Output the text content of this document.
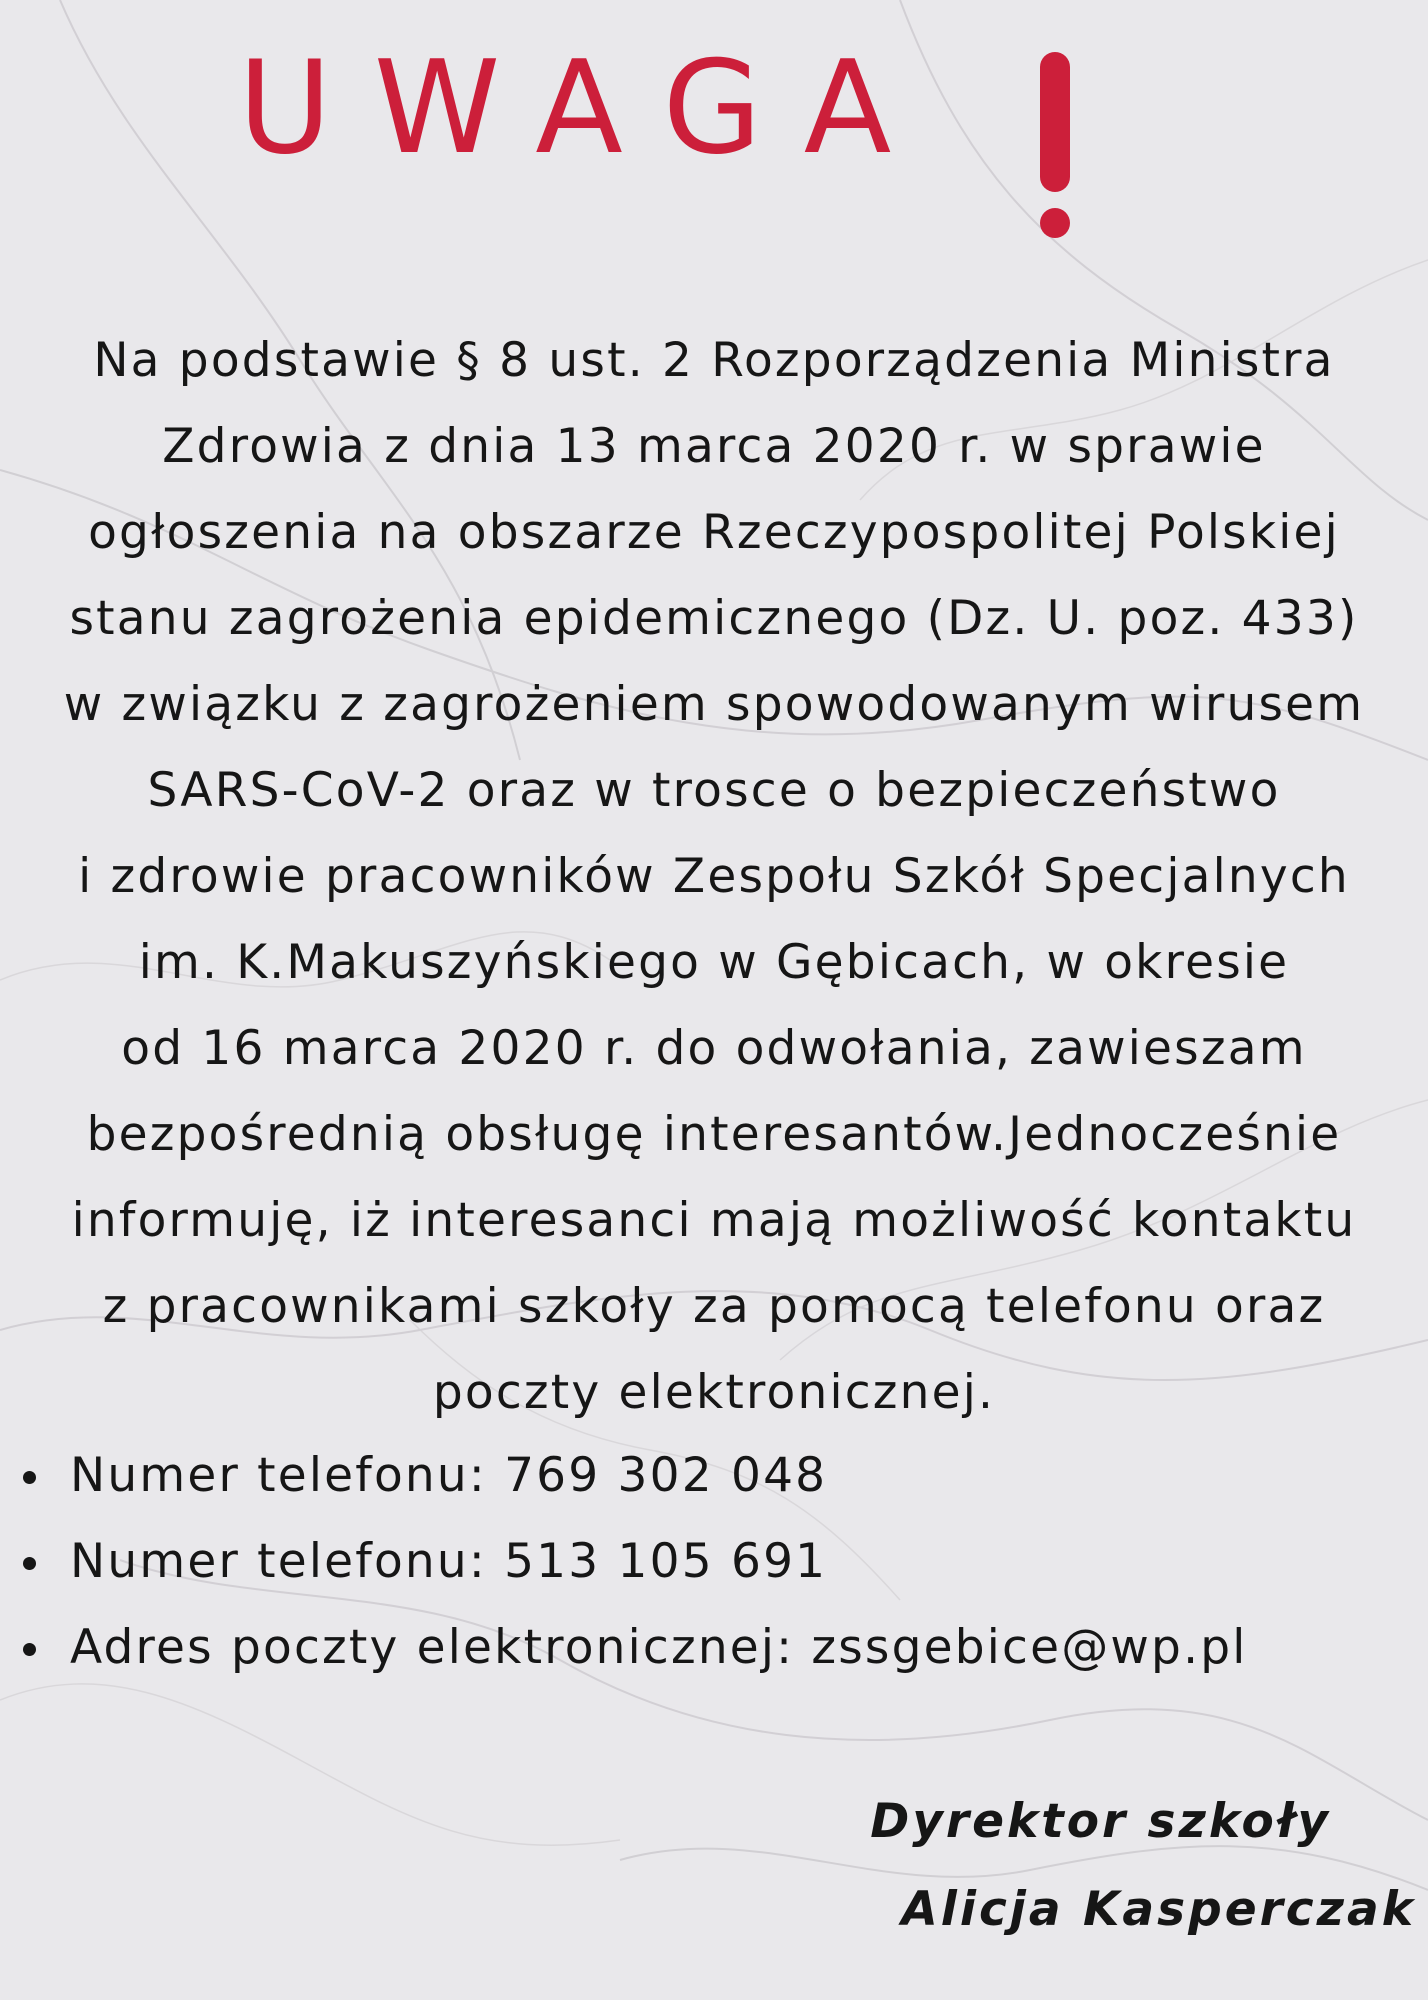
UWAGA
Na podstawie § 8 ust. 2 Rozporządzenia Ministra
Zdrowia z dnia 13 marca 2020 r. w sprawie
ogłoszenia na obszarze Rzeczypospolitej Polskiej
stanu zagrożenia epidemicznego (Dz. U. poz. 433)
w związku z zagrożeniem spowodowanym wirusem
SARS-CoV-2 oraz w trosce o bezpieczeństwo
i zdrowie pracowników Zespołu Szkół Specjalnych
im. K.Makuszyńskiego w Gębicach, w okresie
od 16 marca 2020 r. do odwołania, zawieszam
bezpośrednią obsługę interesantów.Jednocześnie
informuję, iż interesanci mają możliwość kontaktu
z pracownikami szkoły za pomocą telefonu oraz
poczty elektronicznej.
Numer telefonu: 769 302 048
Numer telefonu: 513 105 691
Adres poczty elektronicznej: zssgebice@wp.pl
Dyrektor szkoły
Alicja Kasperczak
